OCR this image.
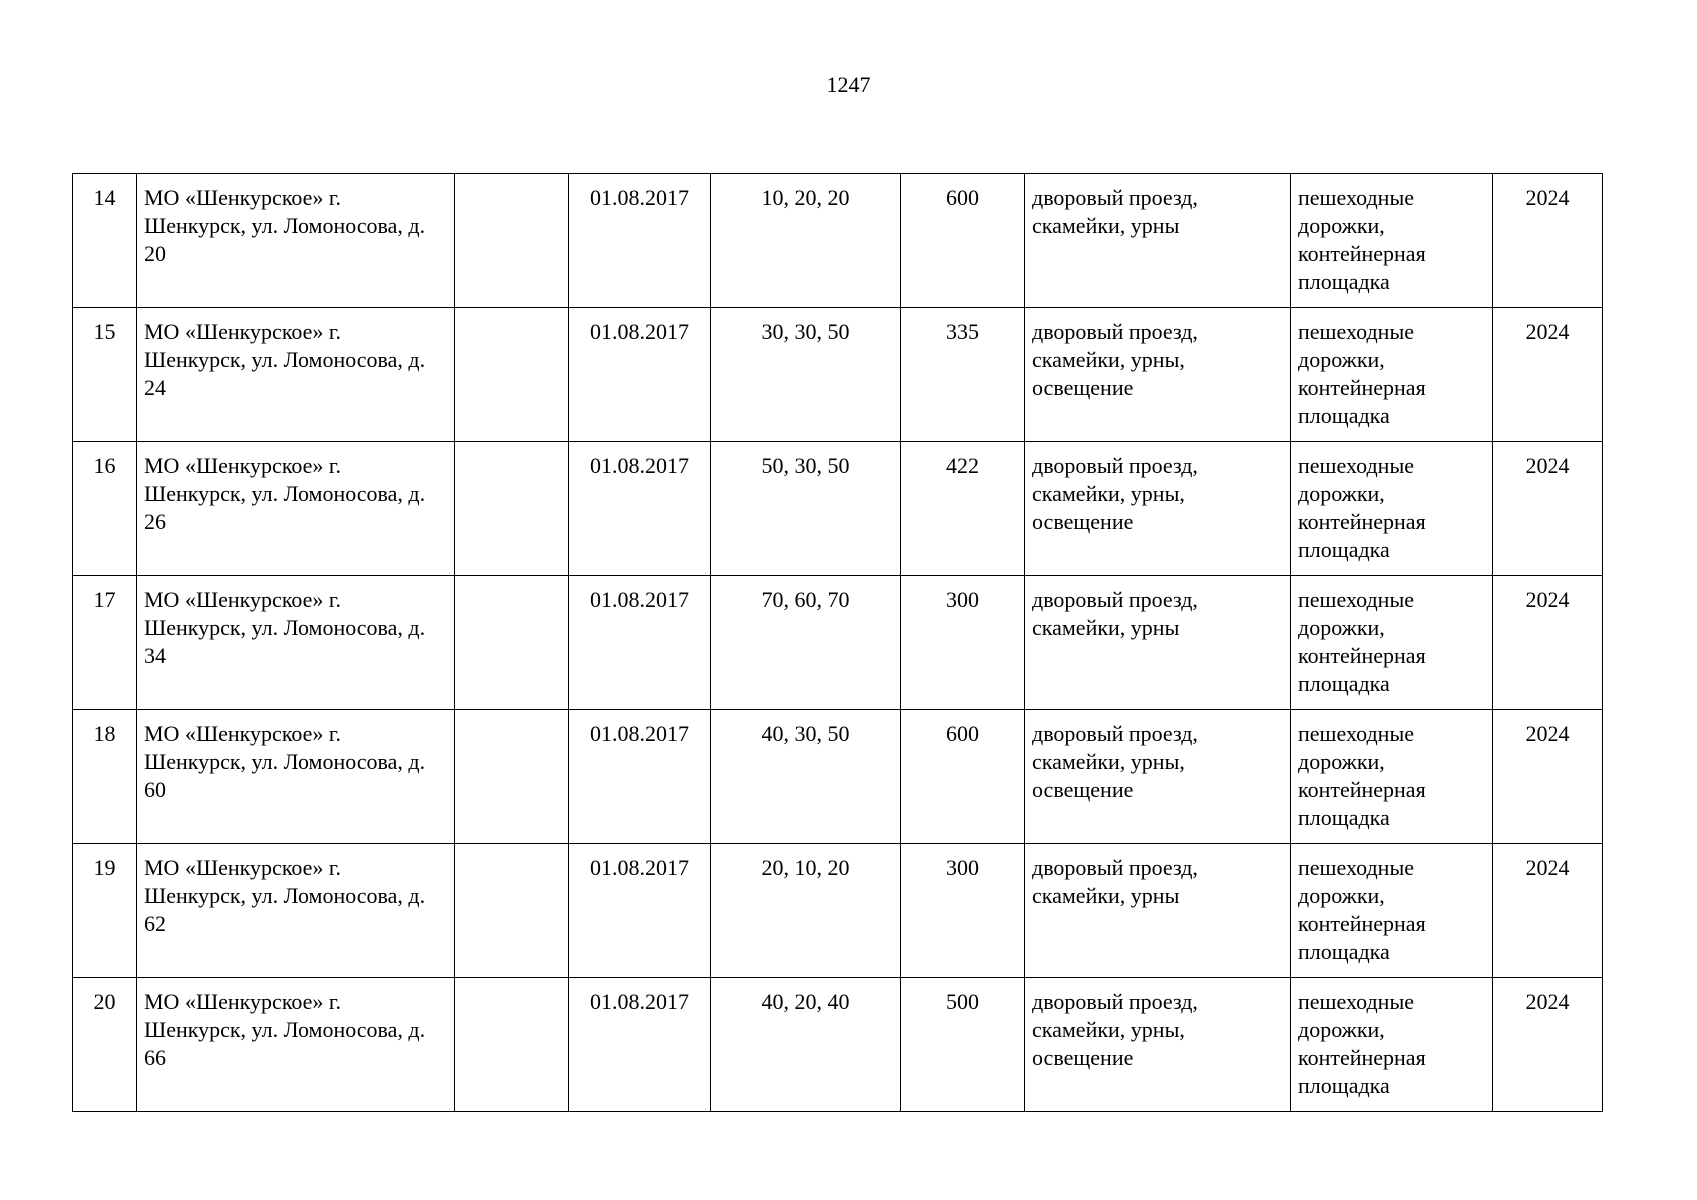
1247
14	МО «Шенкурское» г. Шенкурск, ул. Ломоносова, д. 20		01.08.2017	10, 20, 20	600	дворовый проезд, скамейки, урны	пешеходные дорожки, контейнерная площадка	2024
15	МО «Шенкурское» г. Шенкурск, ул. Ломоносова, д. 24		01.08.2017	30, 30, 50	335	дворовый проезд, скамейки, урны, освещение	пешеходные дорожки, контейнерная площадка	2024
16	МО «Шенкурское» г. Шенкурск, ул. Ломоносова, д. 26		01.08.2017	50, 30, 50	422	дворовый проезд, скамейки, урны, освещение	пешеходные дорожки, контейнерная площадка	2024
17	МО «Шенкурское» г. Шенкурск, ул. Ломоносова, д. 34		01.08.2017	70, 60, 70	300	дворовый проезд, скамейки, урны	пешеходные дорожки, контейнерная площадка	2024
18	МО «Шенкурское» г. Шенкурск, ул. Ломоносова, д. 60		01.08.2017	40, 30, 50	600	дворовый проезд, скамейки, урны, освещение	пешеходные дорожки, контейнерная площадка	2024
19	МО «Шенкурское» г. Шенкурск, ул. Ломоносова, д. 62		01.08.2017	20, 10, 20	300	дворовый проезд, скамейки, урны	пешеходные дорожки, контейнерная площадка	2024
20	МО «Шенкурское» г. Шенкурск, ул. Ломоносова, д. 66		01.08.2017	40, 20, 40	500	дворовый проезд, скамейки, урны, освещение	пешеходные дорожки, контейнерная площадка	2024
